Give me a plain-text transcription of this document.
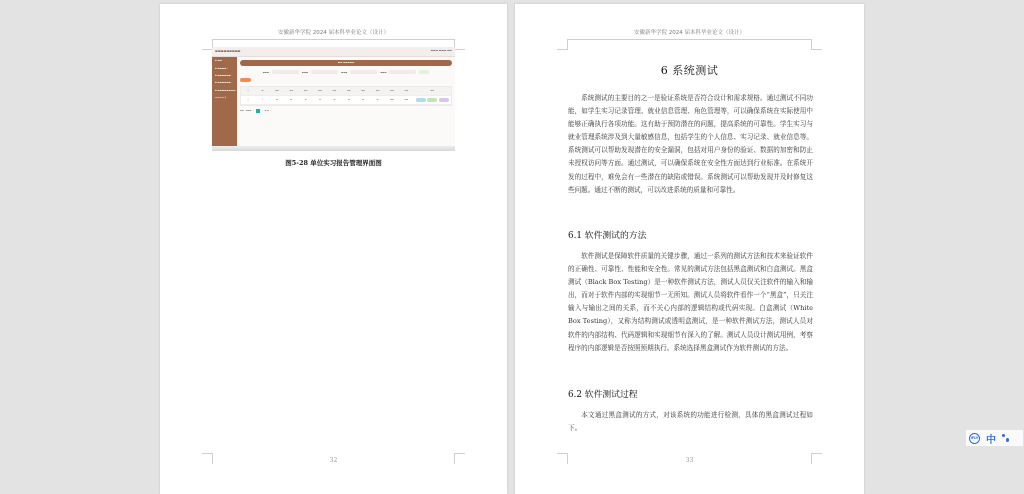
安徽新华学院 2024 届本科毕业论文（设计）
▬▬▬▬▬▬▬▬▬	▬▬▬ ▬▬▬ ▬▬
▪ ▬▬
▪ ▬▬▬▬ ›
▪ ▬▬▬▬▬▬
▪ ▬▬▬▬▬▬
▪ ▬▬▬▬▬▬▬▬
▬▬▬▬ ▮
▬▬ ▬▬▬▬▬
▬▬▬	▬▬▬	▬▬▬	▬▬▬
□	▬	▬▬	▬▬	▬▬	▬▬	▬▬	▬▬	▬▬	▬▬	▬▬	▬▬	▬▬
□	1	▬	▬	▬	▬	▬	▬	▬	▬	▬▬	▬▬
▬▬ ▬▬▬ ‹	› ▬ ▬
图5-28 单位实习报告管理界面图
32
安徽新华学院 2024 届本科毕业论文（设计）
6 系统测试
系统测试的主要目的之一是验证系统是否符合设计和需求规格。通过测试不同功能，如学生实习记录管理、就业信息管理、角色管理等，可以确保系统在实际使用中能够正确执行各项功能。这有助于预防潜在的问题，提高系统的可靠性。学生实习与就业管理系统涉及到大量敏感信息，包括学生的个人信息、实习记录、就业信息等。系统测试可以帮助发现潜在的安全漏洞，包括对用户身份的验证、数据的加密和防止未授权访问等方面。通过测试，可以确保系统在安全性方面达到行业标准。在系统开发的过程中，难免会有一些潜在的缺陷或错误。系统测试可以帮助发现并及时修复这些问题。通过不断的测试，可以改进系统的质量和可靠性。
6.1 软件测试的方法
软件测试是保障软件质量的关键步骤，通过一系列的测试方法和技术来验证软件的正确性、可靠性、性能和安全性。常见的测试方法包括黑盒测试和白盒测试。黑盒测试（Black Box Testing）是一种软件测试方法，测试人员仅关注软件的输入和输出，而对于软件内部的实现细节一无所知。测试人员将软件看作一个“黑盒”，只关注输入与输出之间的关系，而不关心内部的逻辑结构或代码实现。白盒测试（White Box Testing），又称为结构测试或透明盒测试，是一种软件测试方法，测试人员对软件的内部结构、代码逻辑和实现细节有深入的了解。测试人员设计测试用例，考察程序的内部逻辑是否按照预期执行。系统选择黑盒测试作为软件测试的方法。
6.2 软件测试过程
本文通过黑盒测试的方式，对该系统的功能进行检测，具体的黑盒测试过程如下。
33
iFLY 中
